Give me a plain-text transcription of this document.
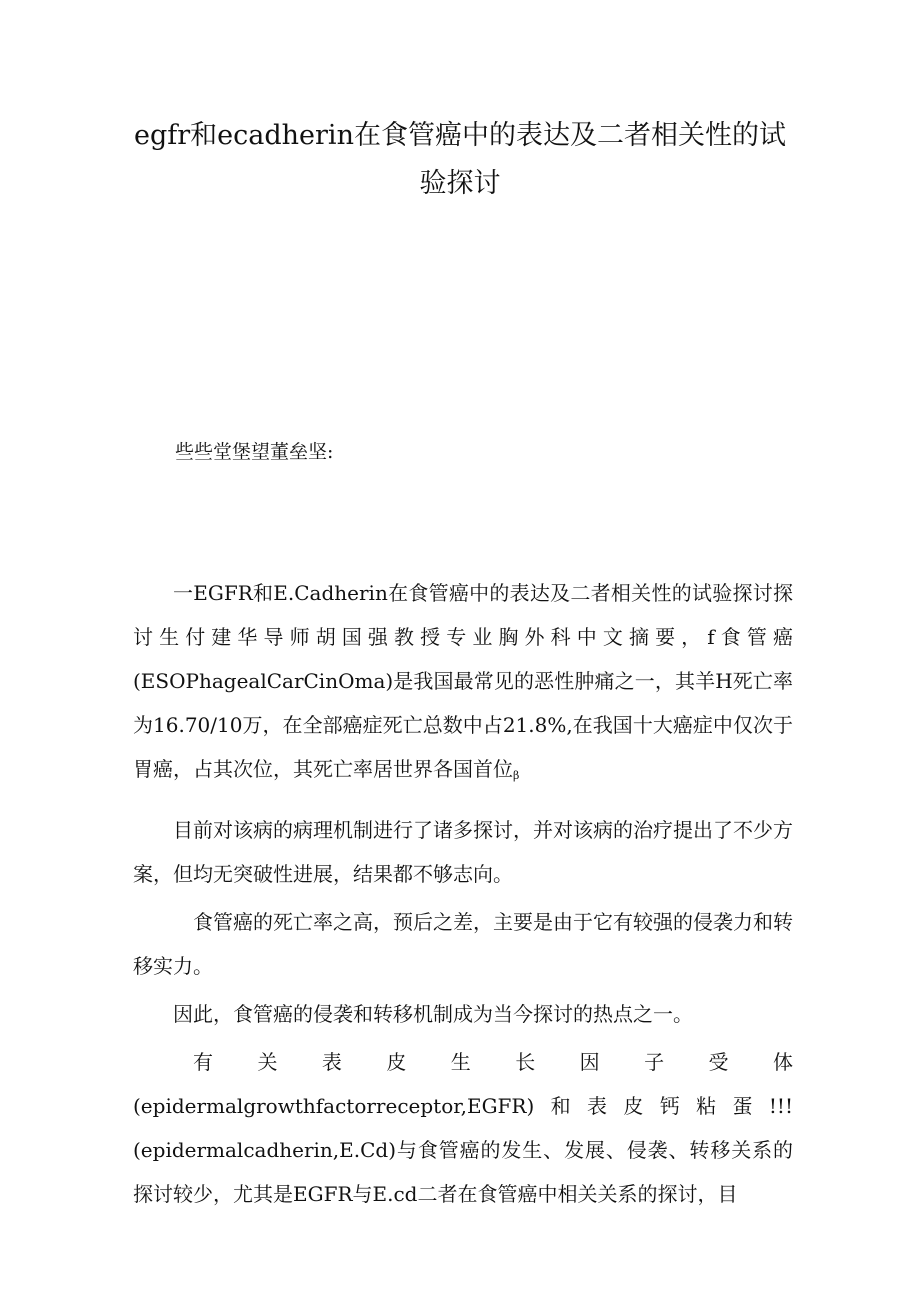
egfr和ecadherin在食管癌中的表达及二者相关性的试
验探讨

些些堂堡望董垒坚:

一EGFR和E.Cadherin在食管癌中的表达及二者相关性的试验探讨探讨生付建华导师胡国强教授专业胸外科中文摘要，f食管癌(ESOPhagealCarCinOma)是我国最常见的恶性肿痛之一，其羊H死亡率为16.70/10万，在全部癌症死亡总数中占21.8%,在我国十大癌症中仅次于胃癌，占其次位，其死亡率居世界各国首位$_\beta$

目前对该病的病理机制进行了诸多探讨，并对该病的治疗提出了不少方案，但均无突破性进展，结果都不够志向。

食管癌的死亡率之高，预后之差，主要是由于它有较强的侵袭力和转移实力。

因此，食管癌的侵袭和转移机制成为当今探讨的热点之一。

有关表皮生长因子受体(epidermalgrowthfactorreceptor,EGFR)和表皮钙粘蛋!!!(epidermalcadherin,E.Cd)与食管癌的发生、发展、侵袭、转移关系的探讨较少，尤其是EGFR与E.cd二者在食管癌中相关关系的探讨，目
